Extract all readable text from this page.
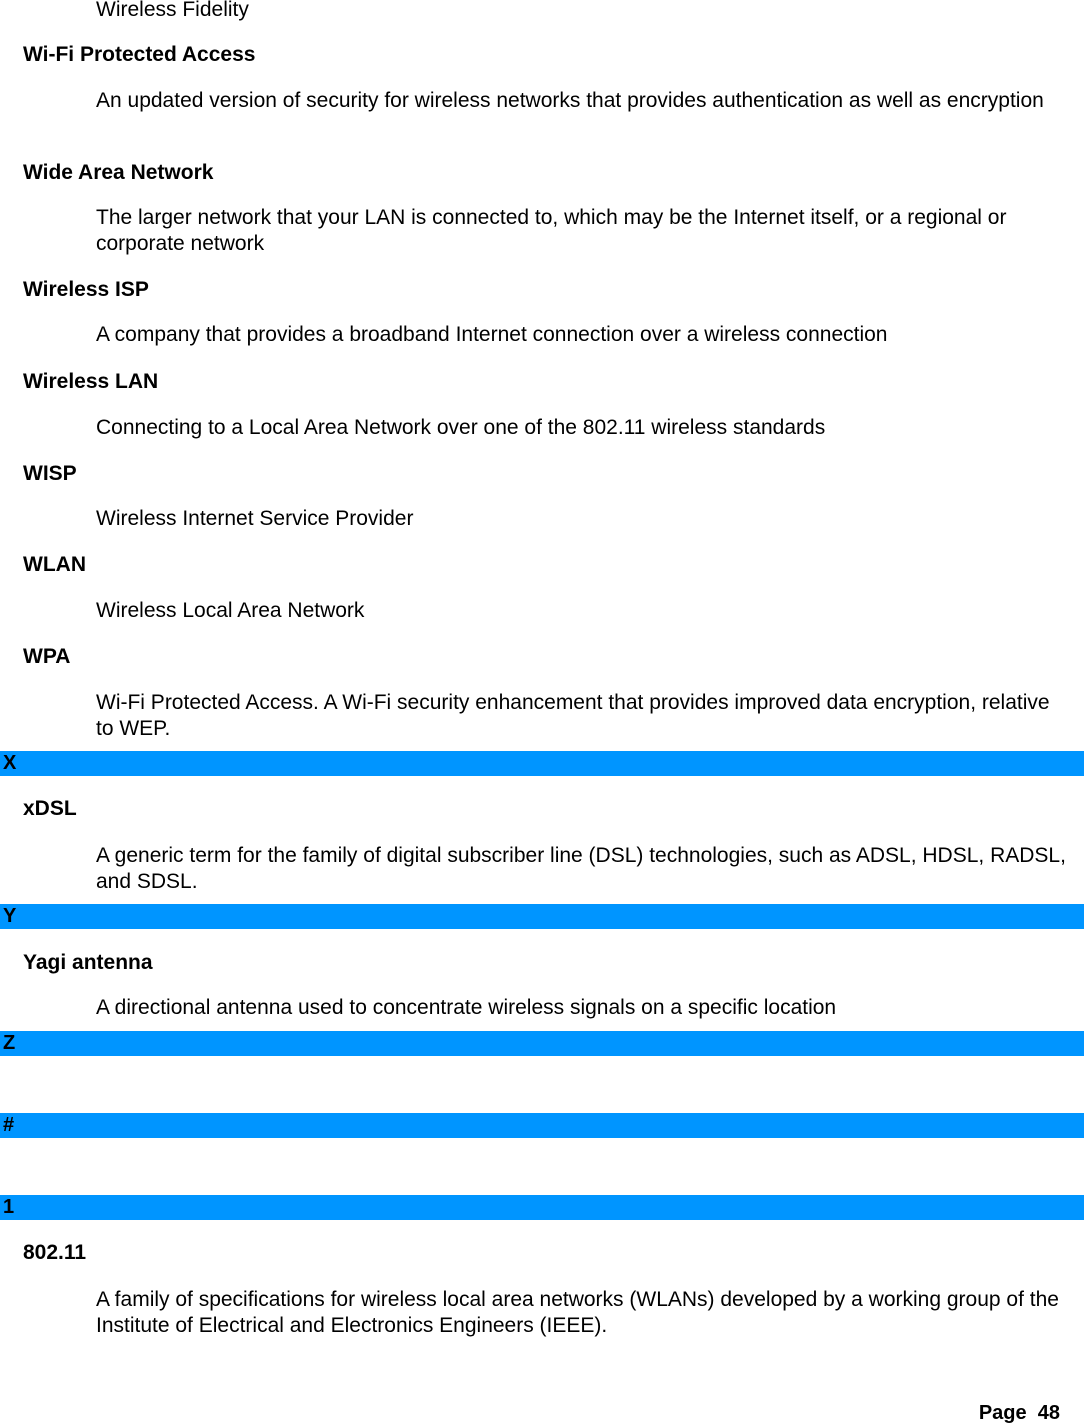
Wireless Fidelity
Wi-Fi Protected Access
An updated version of security for wireless networks that provides authentication as well as encryption
Wide Area Network
The larger network that your LAN is connected to, which may be the Internet itself, or a regional or corporate network
Wireless ISP
A company that provides a broadband Internet connection over a wireless connection
Wireless LAN
Connecting to a Local Area Network over one of the 802.11 wireless standards
WISP
Wireless Internet Service Provider
WLAN
Wireless Local Area Network
WPA
Wi-Fi Protected Access. A Wi-Fi security enhancement that provides improved data encryption, relative to WEP.
X
xDSL
A generic term for the family of digital subscriber line (DSL) technologies, such as ADSL, HDSL, RADSL, and SDSL.
Y
Yagi antenna
A directional antenna used to concentrate wireless signals on a specific location
Z
#
1
802.11
A family of specifications for wireless local area networks (WLANs) developed by a working group of the Institute of Electrical and Electronics Engineers (IEEE).
Page  48
